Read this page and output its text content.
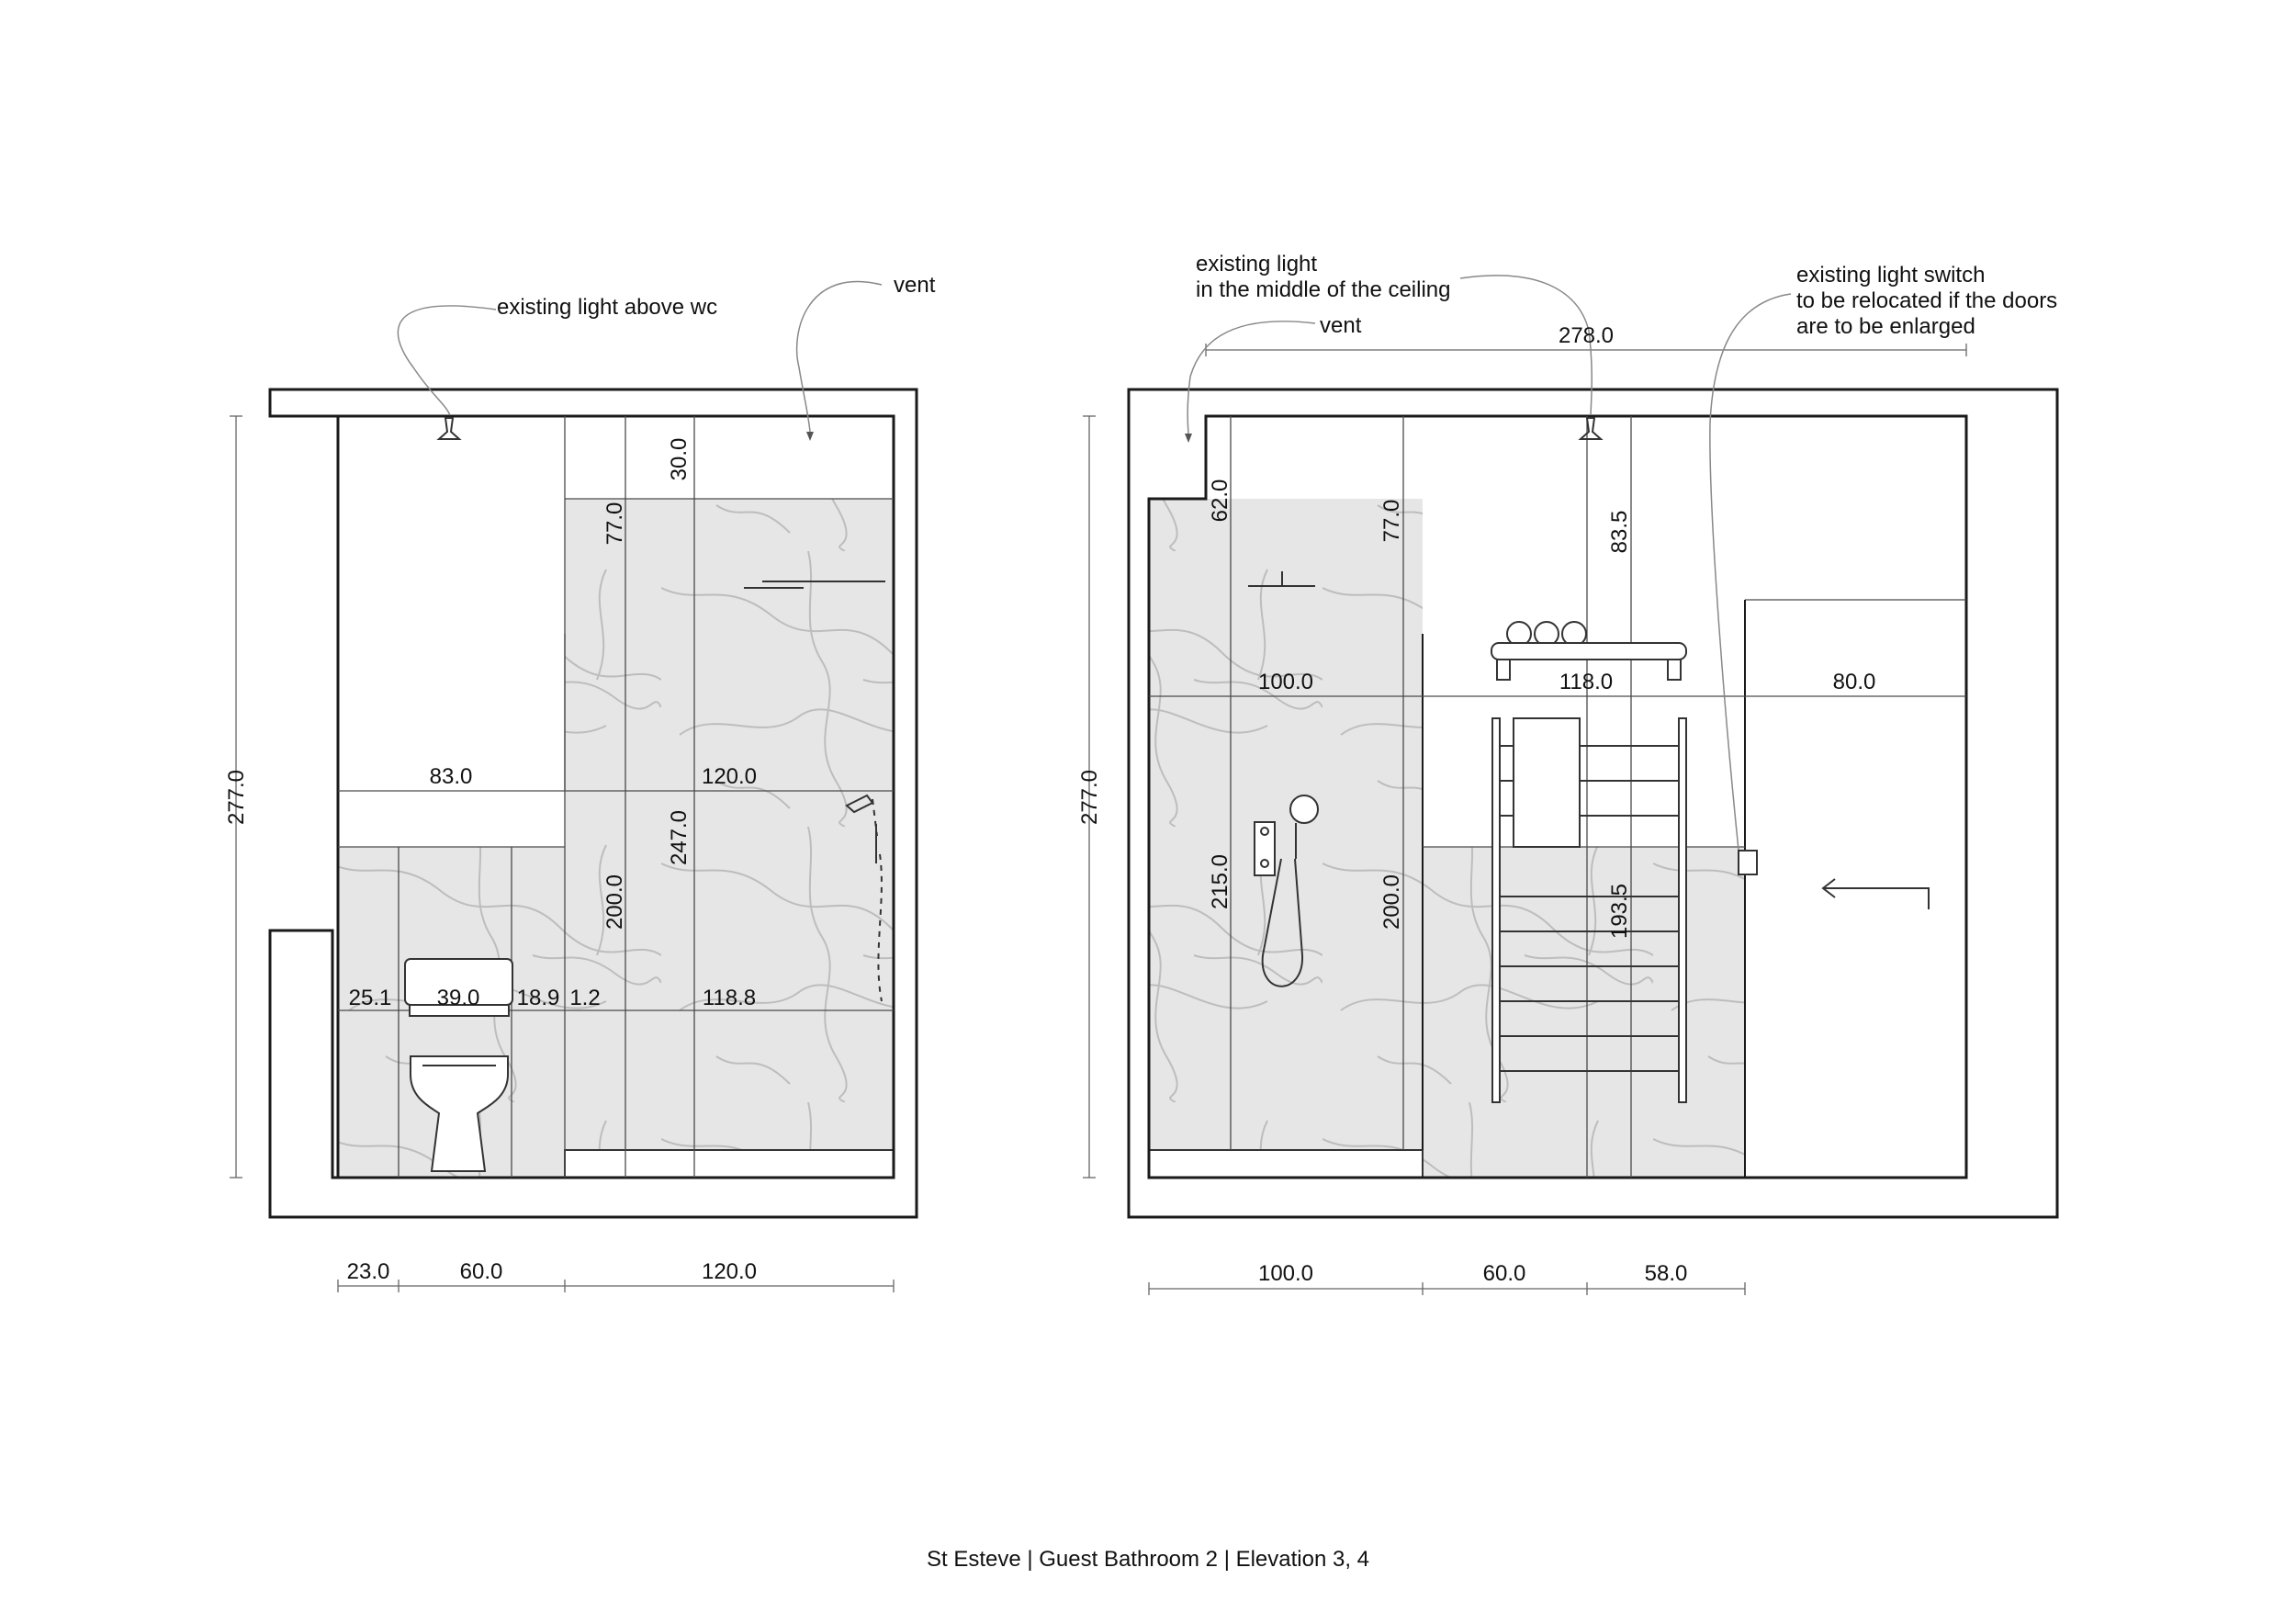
277.0
30.0
77.0
83.0	120.0
247.0
200.0
25.1 39.0 18.9 1.2	118.8
23.0	60.0	120.0
existing light above wc
vent
278.0
277.0
62.0	77.0	83.5
100.0	118.0	80.0
215.0	200.0	193.5
100.0	60.0	58.0
existing light
in the middle of the ceiling
vent
existing light switch
to be relocated if the doors
are to be enlarged
St Esteve | Guest Bathroom 2 | Elevation 3, 4
